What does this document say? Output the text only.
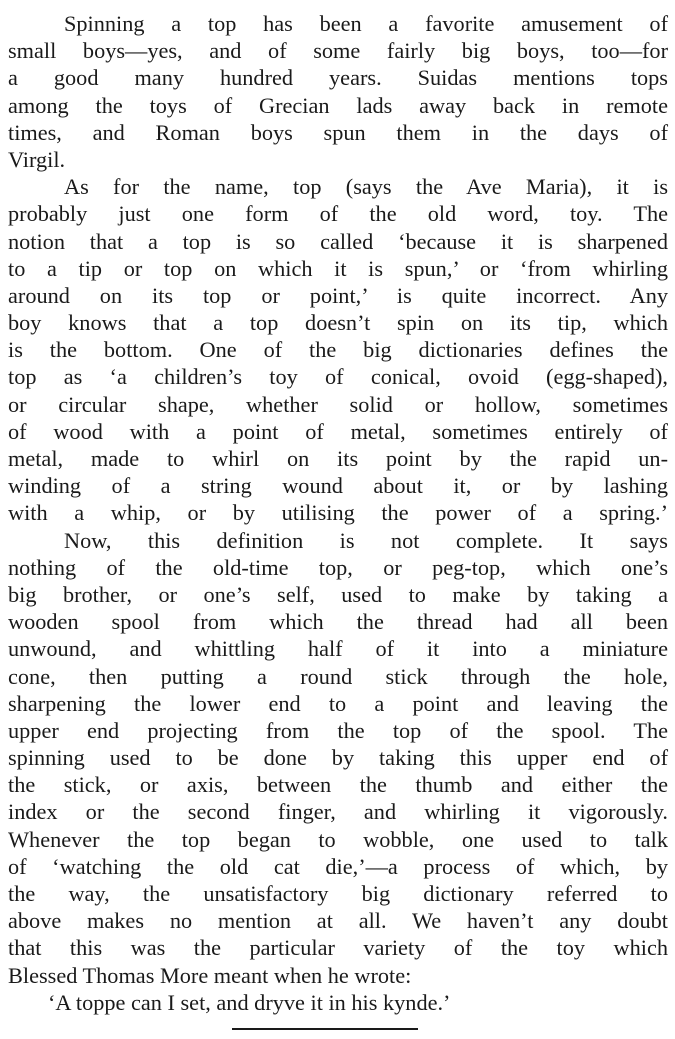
Spinning a top has been a favorite amusement of
small boys—yes, and of some fairly big boys, too—for
a good many hundred years. Suidas mentions tops
among the toys of Grecian lads away back in remote
times, and Roman boys spun them in the days of
Virgil.
As for the name, top (says the Ave Maria), it is
probably just one form of the old word, toy. The
notion that a top is so called ‘because it is sharpened
to a tip or top on which it is spun,’ or ‘from whirling
around on its top or point,’ is quite incorrect. Any
boy knows that a top doesn’t spin on its tip, which
is the bottom. One of the big dictionaries defines the
top as ‘a children’s toy of conical, ovoid (egg-shaped),
or circular shape, whether solid or hollow, sometimes
of wood with a point of metal, sometimes entirely of
metal, made to whirl on its point by the rapid un-
winding of a string wound about it, or by lashing
with a whip, or by utilising the power of a spring.’
Now, this definition is not complete. It says
nothing of the old-time top, or peg-top, which one’s
big brother, or one’s self, used to make by taking a
wooden spool from which the thread had all been
unwound, and whittling half of it into a miniature
cone, then putting a round stick through the hole,
sharpening the lower end to a point and leaving the
upper end projecting from the top of the spool. The
spinning used to be done by taking this upper end of
the stick, or axis, between the thumb and either the
index or the second finger, and whirling it vigorously.
Whenever the top began to wobble, one used to talk
of ‘watching the old cat die,’—a process of which, by
the way, the unsatisfactory big dictionary referred to
above makes no mention at all. We haven’t any doubt
that this was the particular variety of the toy which
Blessed Thomas More meant when he wrote:
‘A toppe can I set, and dryve it in his kynde.’
